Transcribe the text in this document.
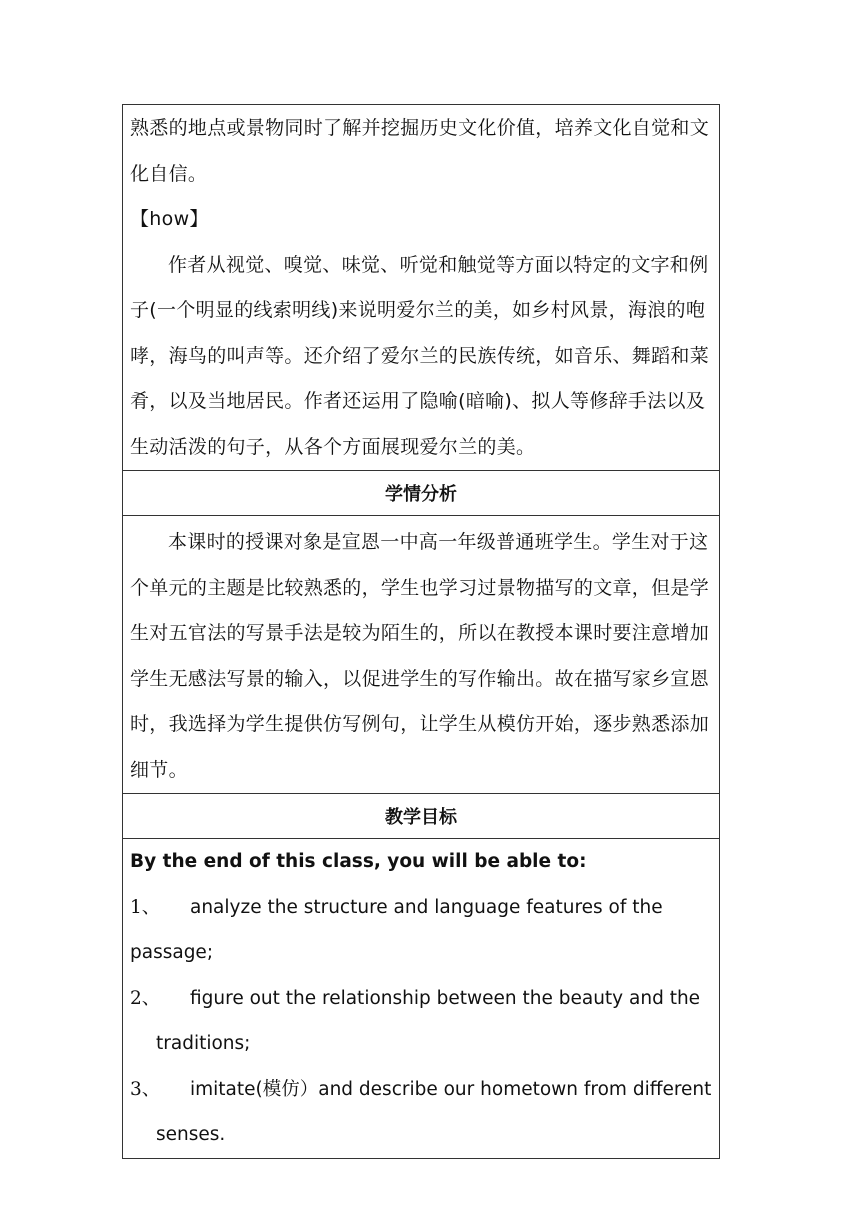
熟悉的地点或景物同时了解并挖掘历史文化价值，培养文化自觉和文化自信。

【how】

作者从视觉、嗅觉、味觉、听觉和触觉等方面以特定的文字和例子(一个明显的线索明线)来说明爱尔兰的美，如乡村风景，海浪的咆哮，海鸟的叫声等。还介绍了爱尔兰的民族传统，如音乐、舞蹈和菜肴，以及当地居民。作者还运用了隐喻(暗喻)、拟人等修辞手法以及生动活泼的句子，从各个方面展现爱尔兰的美。

学情分析

本课时的授课对象是宣恩一中高一年级普通班学生。学生对于这个单元的主题是比较熟悉的，学生也学习过景物描写的文章，但是学生对五官法的写景手法是较为陌生的，所以在教授本课时要注意增加学生无感法写景的输入，以促进学生的写作输出。故在描写家乡宣恩时，我选择为学生提供仿写例句，让学生从模仿开始，逐步熟悉添加细节。

教学目标

By the end of this class, you will be able to:

1、 analyze the structure and language features of the passage;

2、 figure out the relationship between the beauty and the

traditions;

3、 imitate(模仿）and describe our hometown from different

senses.
